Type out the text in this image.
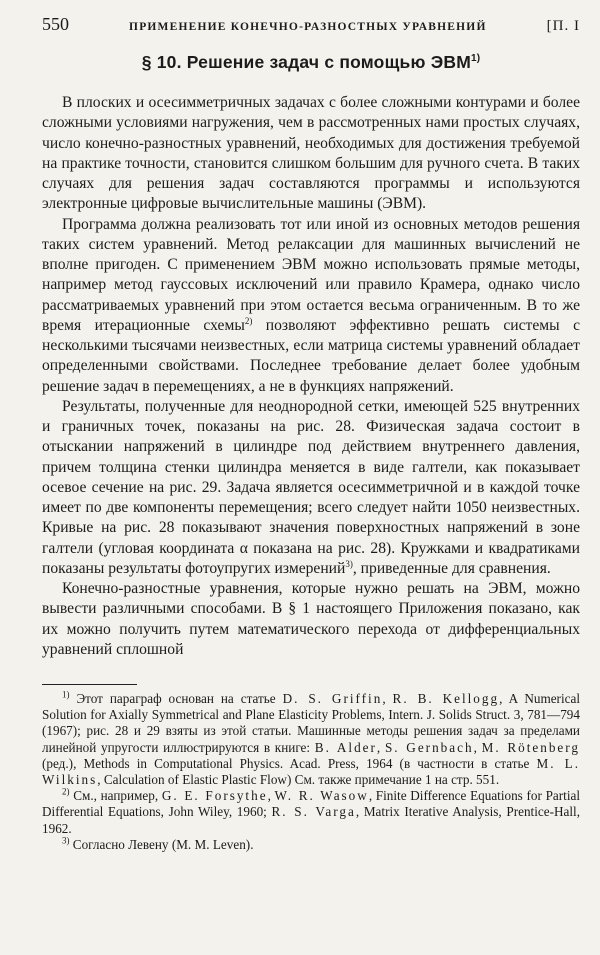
550	ПРИМЕНЕНИЕ КОНЕЧНО-РАЗНОСТНЫХ УРАВНЕНИЙ	[П. I
§ 10. Решение задач с помощью ЭВМ$^{1)}$

В плоских и осесимметричных задачах с более сложными контурами и более сложными условиями нагружения, чем в рассмотренных нами простых случаях, число конечно-разностных уравнений, необходимых для достижения требуемой на практике точности, становится слишком большим для ручного счета. В таких случаях для решения задач составляются программы и используются электронные цифровые вычислительные машины (ЭВМ).

Программа должна реализовать тот или иной из основных методов решения таких систем уравнений. Метод релаксации для машинных вычислений не вполне пригоден. С применением ЭВМ можно использовать прямые методы, например метод гауссовых исключений или правило Крамера, однако число рассматриваемых уравнений при этом остается весьма ограниченным. В то же время итерационные схемы$^{2)}$ позволяют эффективно решать системы с несколькими тысячами неизвестных, если матрица системы уравнений обладает определенными свойствами. Последнее требование делает более удобным решение задач в перемещениях, а не в функциях напряжений.

Результаты, полученные для неоднородной сетки, имеющей 525 внутренних и граничных точек, показаны на рис. 28. Физическая задача состоит в отыскании напряжений в цилиндре под действием внутреннего давления, причем толщина стенки цилиндра меняется в виде галтели, как показывает осевое сечение на рис. 29. Задача является осесимметричной и в каждой точке имеет по две компоненты перемещения; всего следует найти 1050 неизвестных. Кривые на рис. 28 показывают значения поверхностных напряжений в зоне галтели (угловая координата α показана на рис. 28). Кружками и квадратиками показаны результаты фотоупругих измерений$^{3)}$, приведенные для сравнения.

Конечно-разностные уравнения, которые нужно решать на ЭВМ, можно вывести различными способами. В § 1 настоящего Приложения показано, как их можно получить путем математического перехода от дифференциальных уравнений сплошной

$^{1)}$ Этот параграф основан на статье D. S. Griffin, R. B. Kellogg, A Numerical Solution for Axially Symmetrical and Plane Elasticity Problems, Intern. J. Solids Struct. 3, 781—794 (1967); рис. 28 и 29 взяты из этой статьи. Машинные методы решения задач за пределами линейной упругости иллюстрируются в книге: B. Alder, S. Gernbach, M. Rötenberg (ред.), Methods in Computational Physics. Acad. Press, 1964 (в частности в статье M. L. Wilkins, Calculation of Elastic Plastic Flow) См. также примечание 1 на стр. 551.

$^{2)}$ См., например, G. E. Forsythe, W. R. Wasow, Finite Difference Equations for Partial Differential Equations, John Wiley, 1960; R. S. Varga, Matrix Iterative Analysis, Prentice-Hall, 1962.

$^{3)}$ Согласно Левену (M. M. Leven).
